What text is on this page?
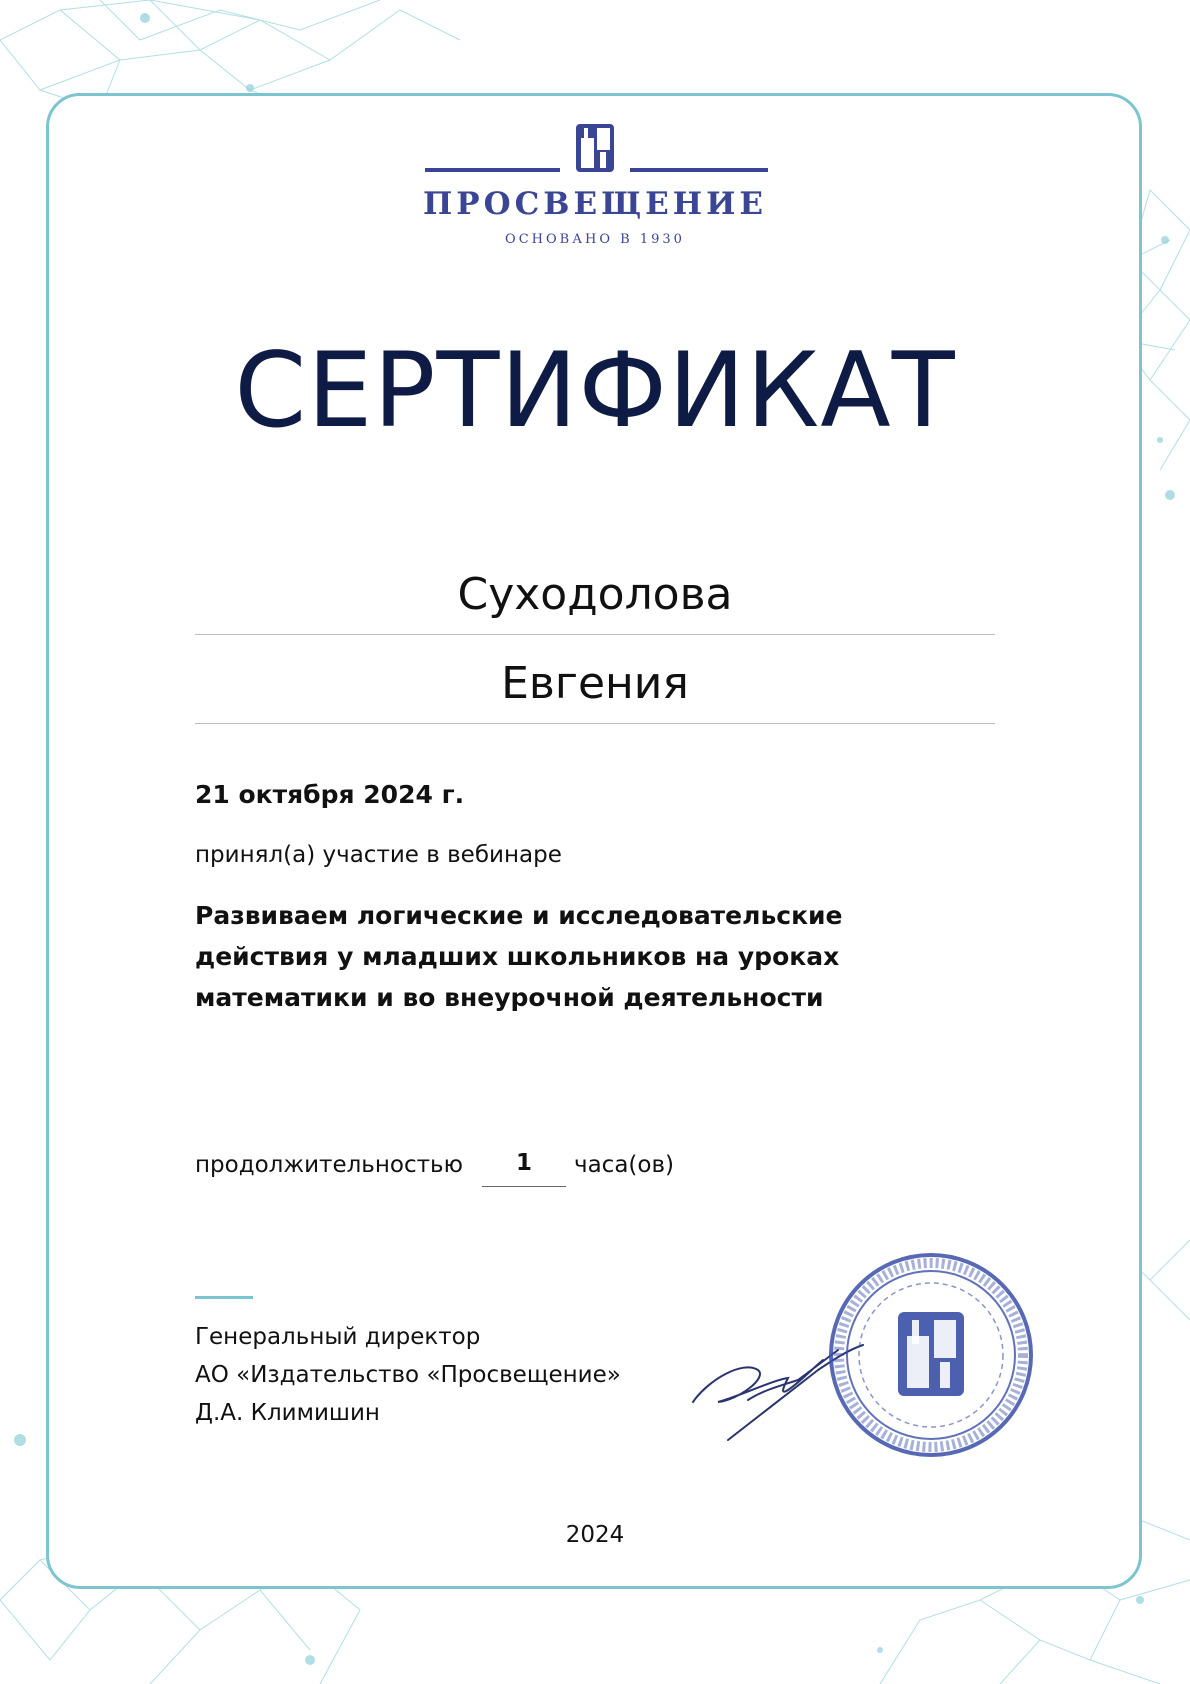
ПРОСВЕЩЕНИЕ
ОСНОВАНО В 1930
СЕРТИФИКАТ
Суходолова
Евгения
21 октября 2024 г.
принял(а) участие в вебинаре
Развиваем логические и исследовательские действия у младших школьников на уроках математики и во внеурочной деятельности
продолжительностью	1	часа(ов)
Генеральный директор
АО «Издательство «Просвещение»
Д.А. Климишин
2024
